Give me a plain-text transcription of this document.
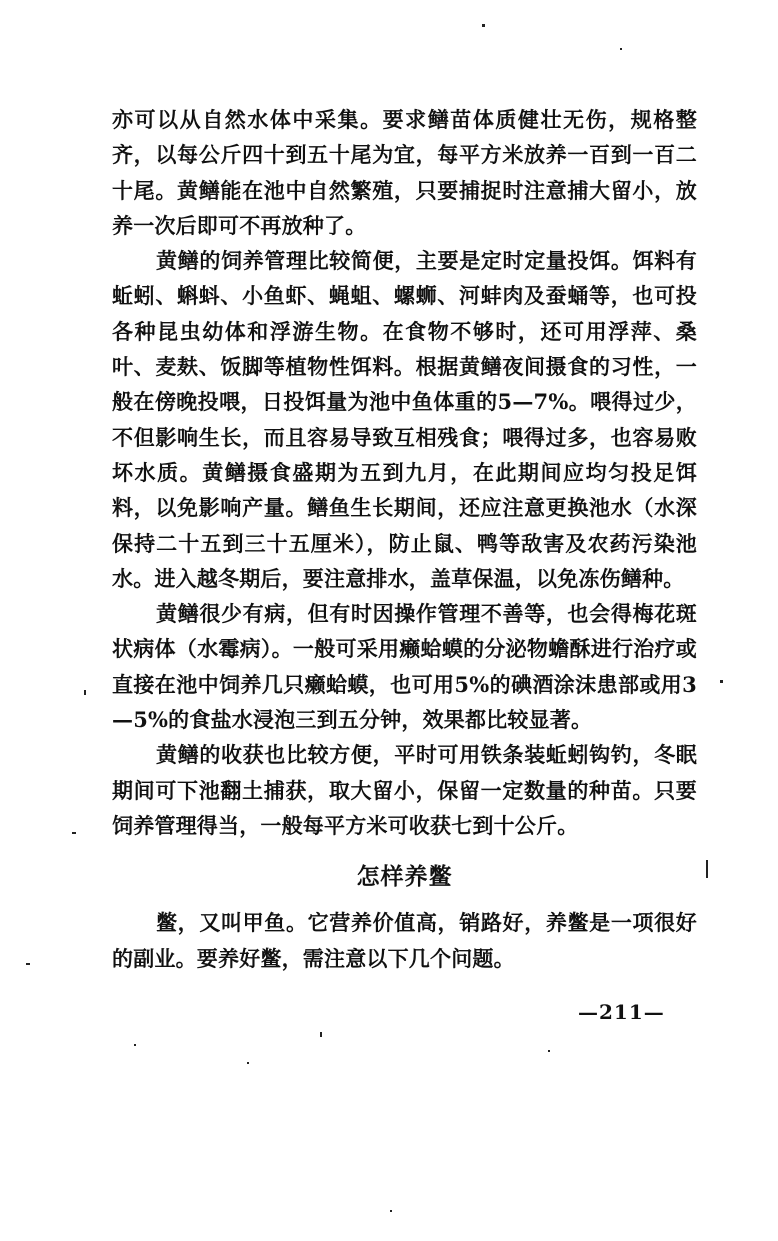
亦可以从自然水体中采集。要求鳝苗体质健壮无伤，规格整齐，以每公斤四十到五十尾为宜，每平方米放养一百到一百二十尾。黄鳝能在池中自然繁殖，只要捕捉时注意捕大留小，放养一次后即可不再放种了。

黄鳝的饲养管理比较简便，主要是定时定量投饵。饵料有蚯蚓、蝌蚪、小鱼虾、蝇蛆、螺蛳、河蚌肉及蚕蛹等，也可投各种昆虫幼体和浮游生物。在食物不够时，还可用浮萍、桑叶、麦麸、饭脚等植物性饵料。根据黄鳝夜间摄食的习性，一般在傍晚投喂，日投饵量为池中鱼体重的5—7%。喂得过少，不但影响生长，而且容易导致互相残食；喂得过多，也容易败坏水质。黄鳝摄食盛期为五到九月，在此期间应均匀投足饵料，以免影响产量。鳝鱼生长期间，还应注意更换池水（水深保持二十五到三十五厘米），防止鼠、鸭等敌害及农药污染池水。进入越冬期后，要注意排水，盖草保温，以免冻伤鳝种。

黄鳝很少有病，但有时因操作管理不善等，也会得梅花斑状病体（水霉病）。一般可采用癞蛤蟆的分泌物蟾酥进行治疗或直接在池中饲养几只癞蛤蟆，也可用5%的碘酒涂沫患部或用3—5%的食盐水浸泡三到五分钟，效果都比较显著。

黄鳝的收获也比较方便，平时可用铁条装蚯蚓钩钓，冬眠期间可下池翻土捕获，取大留小，保留一定数量的种苗。只要饲养管理得当，一般每平方米可收获七到十公斤。

怎样养鳖

鳖，又叫甲鱼。它营养价值高，销路好，养鳖是一项很好的副业。要养好鳖，需注意以下几个问题。

—211—
